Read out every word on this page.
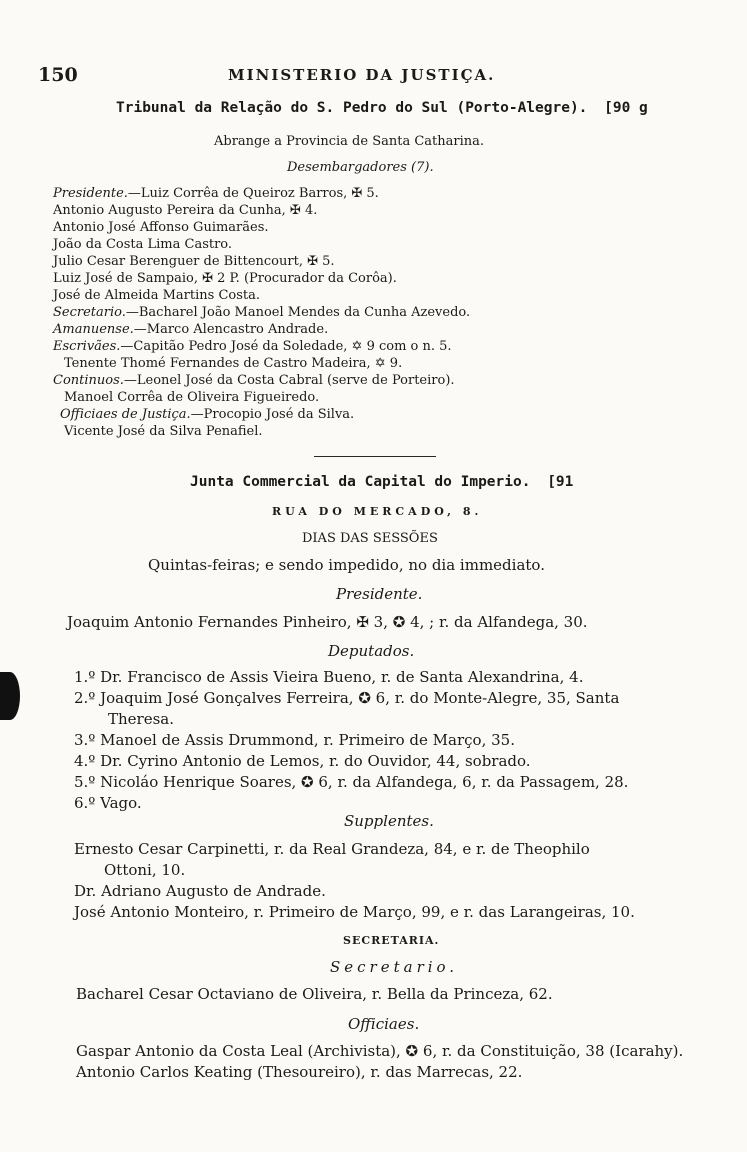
150	MINISTERIO DA JUSTIÇA.
Tribunal da Relação do S. Pedro do Sul (Porto-Alegre). [90 g
Abrange a Provincia de Santa Catharina.
Desembargadores (7).
Presidente.—Luiz Corrêa de Queiroz Barros, ✠ 5.
Antonio Augusto Pereira da Cunha, ✠ 4.
Antonio José Affonso Guimarães.
João da Costa Lima Castro.
Julio Cesar Berenguer de Bittencourt, ✠ 5.
Luiz José de Sampaio, ✠ 2 P. (Procurador da Corôa).
José de Almeida Martins Costa.
Secretario.—Bacharel João Manoel Mendes da Cunha Azevedo.
Amanuense.—Marco Alencastro Andrade.
Escrivães.—Capitão Pedro José da Soledade, ✡ 9 com o n. 5.
Tenente Thomé Fernandes de Castro Madeira, ✡ 9.
Continuos.—Leonel José da Costa Cabral (serve de Porteiro).
Manoel Corrêa de Oliveira Figueiredo.
Officiaes de Justiça.—Procopio José da Silva.
Vicente José da Silva Penafiel.
Junta Commercial da Capital do Imperio. [91
RUA DO MERCADO, 8.
DIAS DAS SESSÕES
Quintas-feiras; e sendo impedido, no dia immediato.
Presidente.
Joaquim Antonio Fernandes Pinheiro, ✠ 3, ✪ 4, ; r. da Alfandega, 30.
Deputados.
1.º Dr. Francisco de Assis Vieira Bueno, r. de Santa Alexandrina, 4.
2.º Joaquim José Gonçalves Ferreira, ✪ 6, r. do Monte-Alegre, 35, Santa
Theresa.
3.º Manoel de Assis Drummond, r. Primeiro de Março, 35.
4.º Dr. Cyrino Antonio de Lemos, r. do Ouvidor, 44, sobrado.
5.º Nicoláo Henrique Soares, ✪ 6, r. da Alfandega, 6, r. da Passagem, 28.
6.º Vago.
Supplentes.
Ernesto Cesar Carpinetti, r. da Real Grandeza, 84, e r. de Theophilo
Ottoni, 10.
Dr. Adriano Augusto de Andrade.
José Antonio Monteiro, r. Primeiro de Março, 99, e r. das Larangeiras, 10.
SECRETARIA.
Secretario.
Bacharel Cesar Octaviano de Oliveira, r. Bella da Princeza, 62.
Officiaes.
Gaspar Antonio da Costa Leal (Archivista), ✪ 6, r. da Constituição, 38 (Icarahy).
Antonio Carlos Keating (Thesoureiro), r. das Marrecas, 22.
